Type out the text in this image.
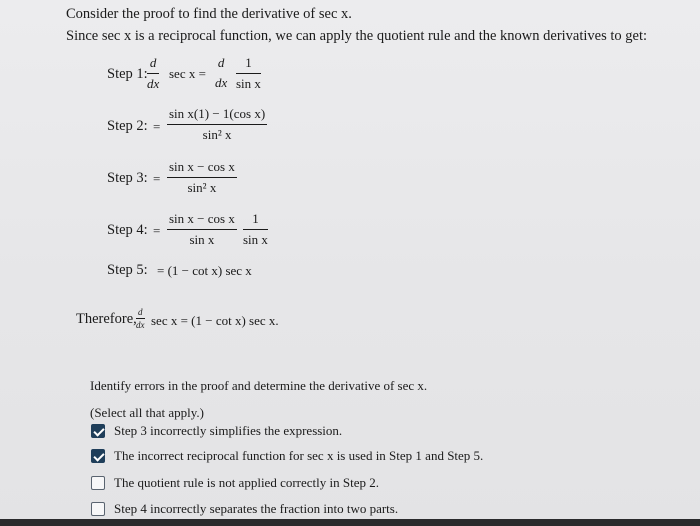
Consider the proof to find the derivative of sec x.
Since sec x is a reciprocal function, we can apply the quotient rule and the known derivatives to get:
Step 1: $\frac{d}{dx}$ sec x =
d
dx $\frac{1}{\text{sin x}}$
Step 2: = $\frac{\text{sin x(1) − 1(cos x)}}{\text{sin² x}}$
Step 3: = $\frac{\text{sin x − cos x}}{\text{sin² x}}$
Step 4: = $\frac{\text{sin x − cos x}}{\text{sin x}} \frac{1}{\text{sin x}}$
Step 5: = (1 − cot x) sec x
Therefore, $\frac{d}{dx}$ sec x = (1 − cot x) sec x.
Identify errors in the proof and determine the derivative of sec x.
(Select all that apply.)
Step 3 incorrectly simplifies the expression.
The incorrect reciprocal function for sec x is used in Step 1 and Step 5.
The quotient rule is not applied correctly in Step 2.
Step 4 incorrectly separates the fraction into two parts.
